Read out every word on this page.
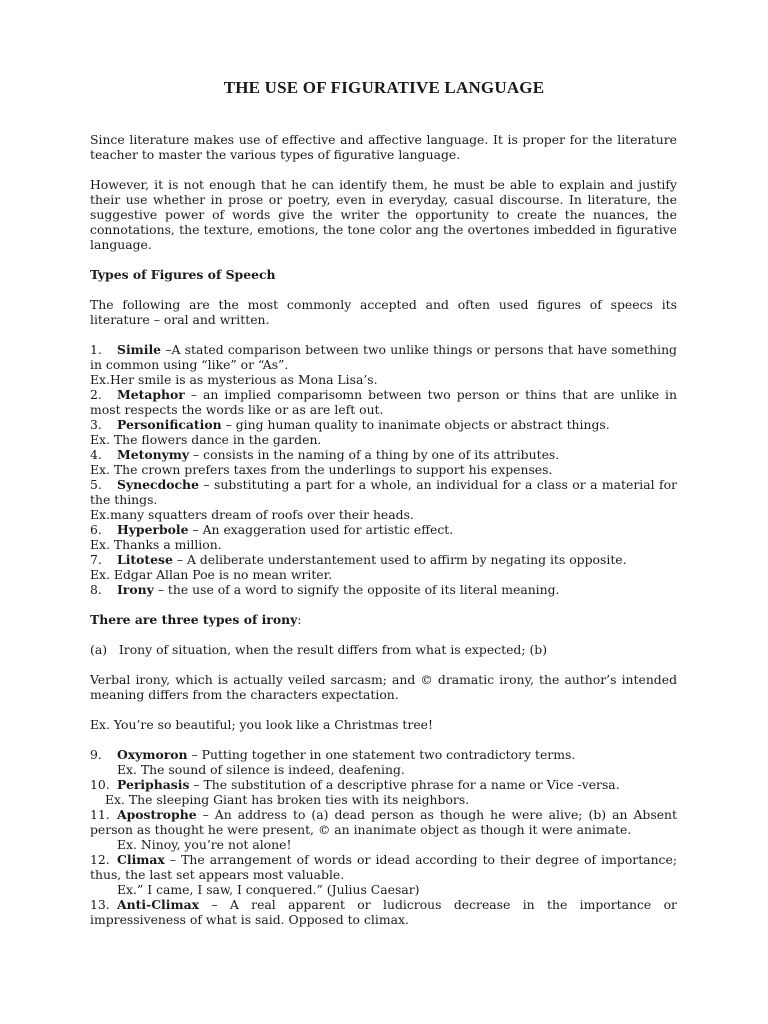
THE USE OF FIGURATIVE LANGUAGE

Since literature makes use of effective and affective language. It is proper for the literature teacher to master the various types of figurative language.

However, it is not enough that he can identify them, he must be able to explain and justify their use whether in prose or poetry, even in everyday, casual discourse. In literature, the suggestive power of words give the writer the opportunity to create the nuances, the connotations, the texture, emotions, the tone color ang the overtones imbedded in figurative language.

Types of Figures of Speech

The following are the most commonly accepted and often used figures of speecs its literature – oral and written.

1. Simile –A stated comparison between two unlike things or persons that have something in common using “like” or “As”.

Ex.Her smile is as mysterious as Mona Lisa’s.

2. Metaphor – an implied comparisomn between two person or thins that are unlike in most respects the words like or as are left out.

3. Personification – ging human quality to inanimate objects or abstract things.

Ex. The flowers dance in the garden.

4. Metonymy – consists in the naming of a thing by one of its attributes.

Ex. The crown prefers taxes from the underlings to support his expenses.

5. Synecdoche – substituting a part for a whole, an individual for a class or a material for the things.

Ex.many squatters dream of roofs over their heads.

6. Hyperbole – An exaggeration used for artistic effect.

Ex. Thanks a million.

7. Litotese – A deliberate understantement used to affirm by negating its opposite.

Ex. Edgar Allan Poe is no mean writer.

8. Irony – the use of a word to signify the opposite of its literal meaning.

There are three types of irony:

(a)   Irony of situation, when the result differs from what is expected; (b)

Verbal irony, which is actually veiled sarcasm; and © dramatic irony, the author’s intended meaning differs from the characters expectation.

Ex. You’re so beautiful; you look like a Christmas tree!

9. Oxymoron – Putting together in one statement two contradictory terms.

Ex. The sound of silence is indeed, deafening.

10. Periphasis – The substitution of a descriptive phrase for a name or Vice -versa.

Ex. The sleeping Giant has broken ties with its neighbors.

11. Apostrophe – An address to (a) dead person as though he were alive; (b) an Absent person as thought he were present, © an inanimate object as though it were animate.

Ex. Ninoy, you’re not alone!

12. Climax – The arrangement of words or idead according to their degree of importance; thus, the last set appears most valuable.

Ex.” I came, I saw, I conquered.” (Julius Caesar)

13. Anti-Climax – A real apparent or ludicrous decrease in the importance or impressiveness of what is said. Opposed to climax.
